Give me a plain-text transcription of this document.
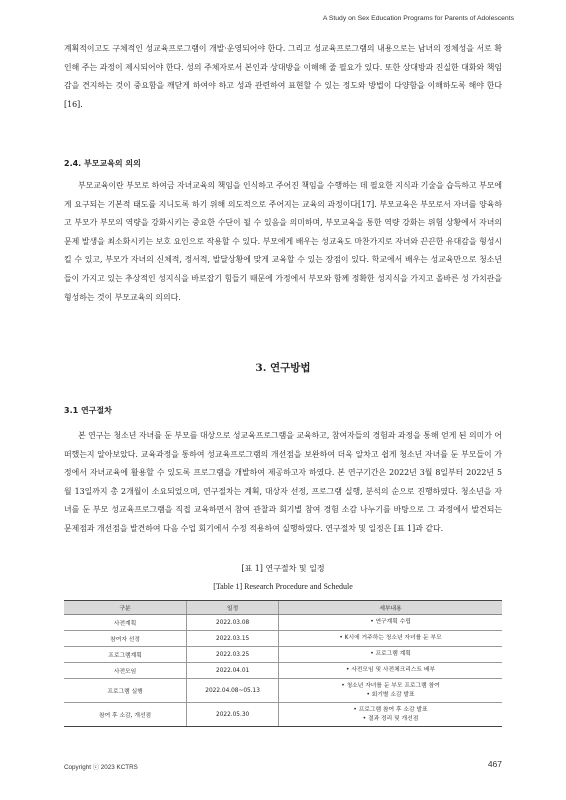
A Study on Sex Education Programs for Parents of Adolescents

계획적이고도 구체적인 성교육프로그램이 개발·운영되어야 한다. 그리고 성교육프로그램의 내용으로는 남녀의 정체성을 서로 확인해 주는 과정이 제시되어야 한다. 성의 주체자로서 본인과 상대방을 이해해 줄 필요가 있다. 또한 상대방과 진실한 대화와 책임감을 견지하는 것이 중요함을 깨닫게 하여야 하고 성과 관련하여 표현할 수 있는 정도와 방법이 다양함을 이해하도록 해야 한다[16].

2.4. 부모교육의 의의

부모교육이란 부모로 하여금 자녀교육의 책임을 인식하고 주어진 책임을 수행하는 데 필요한 지식과 기술을 습득하고 부모에게 요구되는 기본적 태도를 지니도록 하기 위해 의도적으로 주어지는 교육의 과정이다[17]. 부모교육은 부모로서 자녀를 양육하고 부모가 부모의 역량을 강화시키는 중요한 수단이 될 수 있음을 의미하며, 부모교육을 통한 역량 강화는 위험 상황에서 자녀의 문제 발생을 최소화시키는 보호 요인으로 작용할 수 있다. 부모에게 배우는 성교육도 마찬가지로 자녀와 끈끈한 유대감을 형성시킬 수 있고, 부모가 자녀의 신체적, 정서적, 발달상황에 맞게 교육할 수 있는 장점이 있다. 학교에서 배우는 성교육만으로 청소년들이 가지고 있는 추상적인 성지식을 바로잡기 힘들기 때문에 가정에서 부모와 함께 정확한 성지식을 가지고 올바른 성 가치관을 형성하는 것이 부모교육의 의의다.

3. 연구방법
3.1 연구절차

본 연구는 청소년 자녀를 둔 부모를 대상으로 성교육프로그램을 교육하고, 참여자들의 경험과 과정을 통해 얻게 된 의미가 어떠했는지 알아보았다. 교육과정을 통하여 성교육프로그램의 개선점을 보완하여 더욱 알차고 쉽게 청소년 자녀를 둔 부모들이 가정에서 자녀교육에 활용할 수 있도록 프로그램을 개발하여 제공하고자 하였다. 본 연구기간은 2022년 3월 8일부터 2022년 5월 13일까지 총 2개월이 소요되었으며, 연구절차는 계획, 대상자 선정, 프로그램 실행, 분석의 순으로 진행하였다. 청소년을 자녀를 둔 부모 성교육프로그램을 직접 교육하면서 참여 관찰과 회기별 참여 경험 소감 나누기를 바탕으로 그 과정에서 발견되는 문제점과 개선점을 발견하여 다음 수업 회기에서 수정 적용하여 실행하였다. 연구절차 및 일정은 [표 1]과 같다.

[표 1] 연구절차 및 일정

[Table 1] Research Procedure and Schedule

구분	일정	세부내용
사전계획	2022.03.08	• 연구계획 수립

참여자 선정	2022.03.15	• K시에 거주하는 청소년 자녀를 둔 부모

프로그램계획	2022.03.25	• 프로그램 계획

사전모임	2022.04.01	• 사전모임 및 사전체크리스트 배부

프로그램 실행	2022.04.08~05.13	• 청소년 자녀를 둔 부모 프로그램 참여
• 회기별 소감 발표

참여 후 소감, 개선점	2022.05.30	• 프로그램 참여 후 소감 발표
• 결과 정리 및 개선점
Copyright ⓒ 2023 KCTRS	467
